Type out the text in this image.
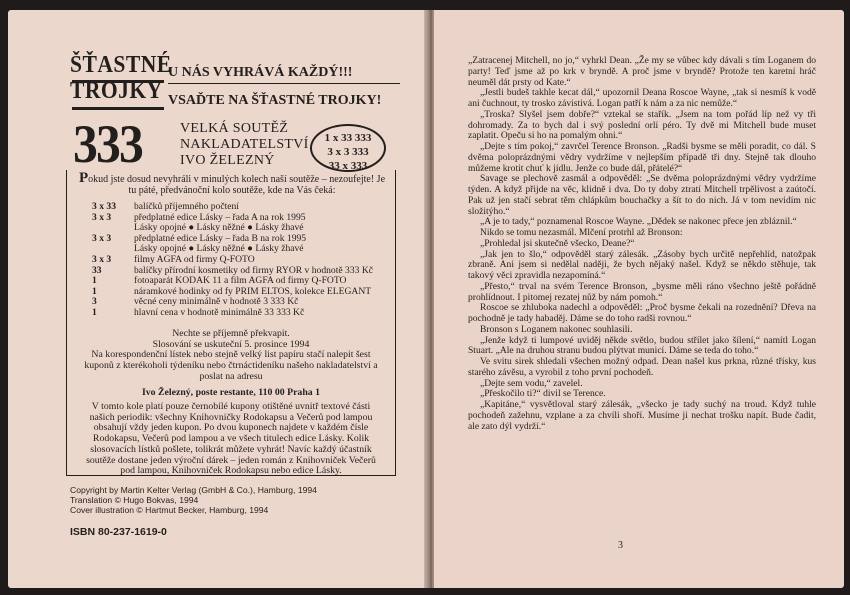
ŠŤASTNÉ
TROJKY
U NÁS VYHRÁVÁ KAŽDÝ!!!
VSAĎTE NA ŠŤASTNÉ TROJKY!
333	VELKÁ SOUTĚŽ
NAKLADATELSTVÍ
IVO ŽELEZNÝ
1 x 33 333
3 x 3 333
33 x 333
Pokud jste dosud nevyhráli v minulých kolech naší soutěže – nezoufejte! Je tu páté, předvánoční kolo soutěže, kde na Vás čeká:
3 x 33	balíčků příjemného počtení
3 x 3	předplatné edice Lásky – řada A na rok 1995
Lásky opojné ● Lásky něžné ● Lásky žhavé
3 x 3	předplatné edice Lásky – řada B na rok 1995
Lásky opojné ● Lásky něžné ● Lásky žhavé
3 x 3	filmy AGFA od firmy Q-FOTO
33	balíčky přírodní kosmetiky od firmy RYOR v hodnotě 333 Kč
1	fotoaparát KODAK 11 a film AGFA od firmy Q-FOTO
1	náramkové hodinky od fy PRIM ELTOS, kolekce ELEGANT
3	věcné ceny minimálně v hodnotě 3 333 Kč
1	hlavní cena v hodnotě minimálně 33 333 Kč
Nechte se příjemně překvapit.
Slosování se uskuteční 5. prosince 1994
Na korespondenční lístek nebo stejně velký list papíru stačí nalepit šest kuponů z kterékoholi týdeníku nebo čtrnáctideníku našeho nakladatelství a poslat na adresu
Ivo Železný, poste restante, 110 00 Praha 1
V tomto kole platí pouze černobílé kupony otištěné uvnitř textové části našich periodik: všechny Knihovničky Rodokapsu a Večerů pod lampou obsahují vždy jeden kupon. Po dvou kuponech najdete v každém čísle Rodokapsu, Večerů pod lampou a ve všech titulech edice Lásky. Kolik slosovacích lístků pošlete, tolikrát můžete vyhrát! Navíc každý účastník soutěže dostane jeden výroční dárek – jeden román z Knihovniček Večerů pod lampou, Knihovniček Rodokapsu nebo edice Lásky.
Copyright by Martin Kelter Verlag (GmbH & Co.), Hamburg, 1994
Translation © Hugo Bokvas, 1994
Cover illustration © Hartmut Becker, Hamburg, 1994
ISBN 80-237-1619-0

„Zatracenej Mitchell, no jo,“ vyhrkl Dean. „Že my se vůbec kdy dávali s tím Loganem do party! Teď jsme až po krk v bryndě. A proč jsme v bryndě? Protože ten karetní hráč neuměl dát prsty od Kate.“

„Jestli budeš takhle kecat dál,“ upozornil Deana Roscoe Wayne, „tak si nesmíš k vodě ani čuchnout, ty trosko závistivá. Logan patří k nám a za nic nemůže.“

„Troska? Slyšel jsem dobře?“ vztekal se stařík. „Jsem na tom pořád líp než vy tři dohromady. Za to bych dal i svý poslední orlí péro. Ty dvě mi Mitchell bude muset zaplatit. Opeču si ho na pomalým ohni.“

„Dejte s tím pokoj,“ zavrčel Terence Bronson. „Radši bysme se měli poradit, co dál. S dvěma poloprázdnými vědry vydržíme v nejlepším případě tři dny. Stejně tak dlouho můžeme krotit chuť k jídlu. Jenže co bude dál, přátelé?“

Savage se plechově zasmál a odpověděl: „Se dvěma poloprázdnými vědry vydržíme týden. A když přijde na věc, klidně i dva. Do ty doby ztratí Mitchell trpělivost a zaútočí. Pak už jen stačí sebrat těm chlápkům bouchačky a šít to do nich. Já v tom nevidím nic složitýho.“

„A je to tady,“ poznamenal Roscoe Wayne. „Dědek se nakonec přece jen zbláznil.“

Nikdo se tomu nezasmál. Mlčení protrhl až Bronson:

„Prohledal jsi skutečně všecko, Deane?“

„Jak jen to šlo,“ odpověděl starý zálesák. „Zásoby bych určitě nepřehlíd, natožpak zbraně. Ani jsem si nedělal naději, že bych nějaký našel. Když se někdo stěhuje, tak takový věci zpravidla nezapomíná.“

„Přesto,“ trval na svém Terence Bronson, „bysme měli ráno všechno ještě pořádně prohlídnout. I pitomej rezatej nůž by nám pomoh.“

Roscoe se zhluboka nadechl a odpověděl: „Proč bysme čekali na rozednění? Dřeva na pochodně je tady habaděj. Dáme se do toho radši rovnou.“

Bronson s Loganem nakonec souhlasili.

„Jenže když ti lumpové uviděj někde světlo, budou střílet jako šílení,“ namítl Logan Stuart. „Ale na druhou stranu budou plýtvat municí. Dáme se teda do toho.“

Ve svitu sirek shledali všechen možný odpad. Dean našel kus prkna, různé třísky, kus starého závěsu, a vyrobil z toho první pochodeň.

„Dejte sem vodu,“ zavelel.

„Přeskočilo ti?“ divil se Terence.

„Kapitáne,“ vysvětloval starý zálesák, „všecko je tady suchý na troud. Když tuhle pochodeň zažehnu, vzplane a za chvíli shoří. Musíme ji nechat trošku napít. Bude čadit, ale zato dýl vydrží.“

3
